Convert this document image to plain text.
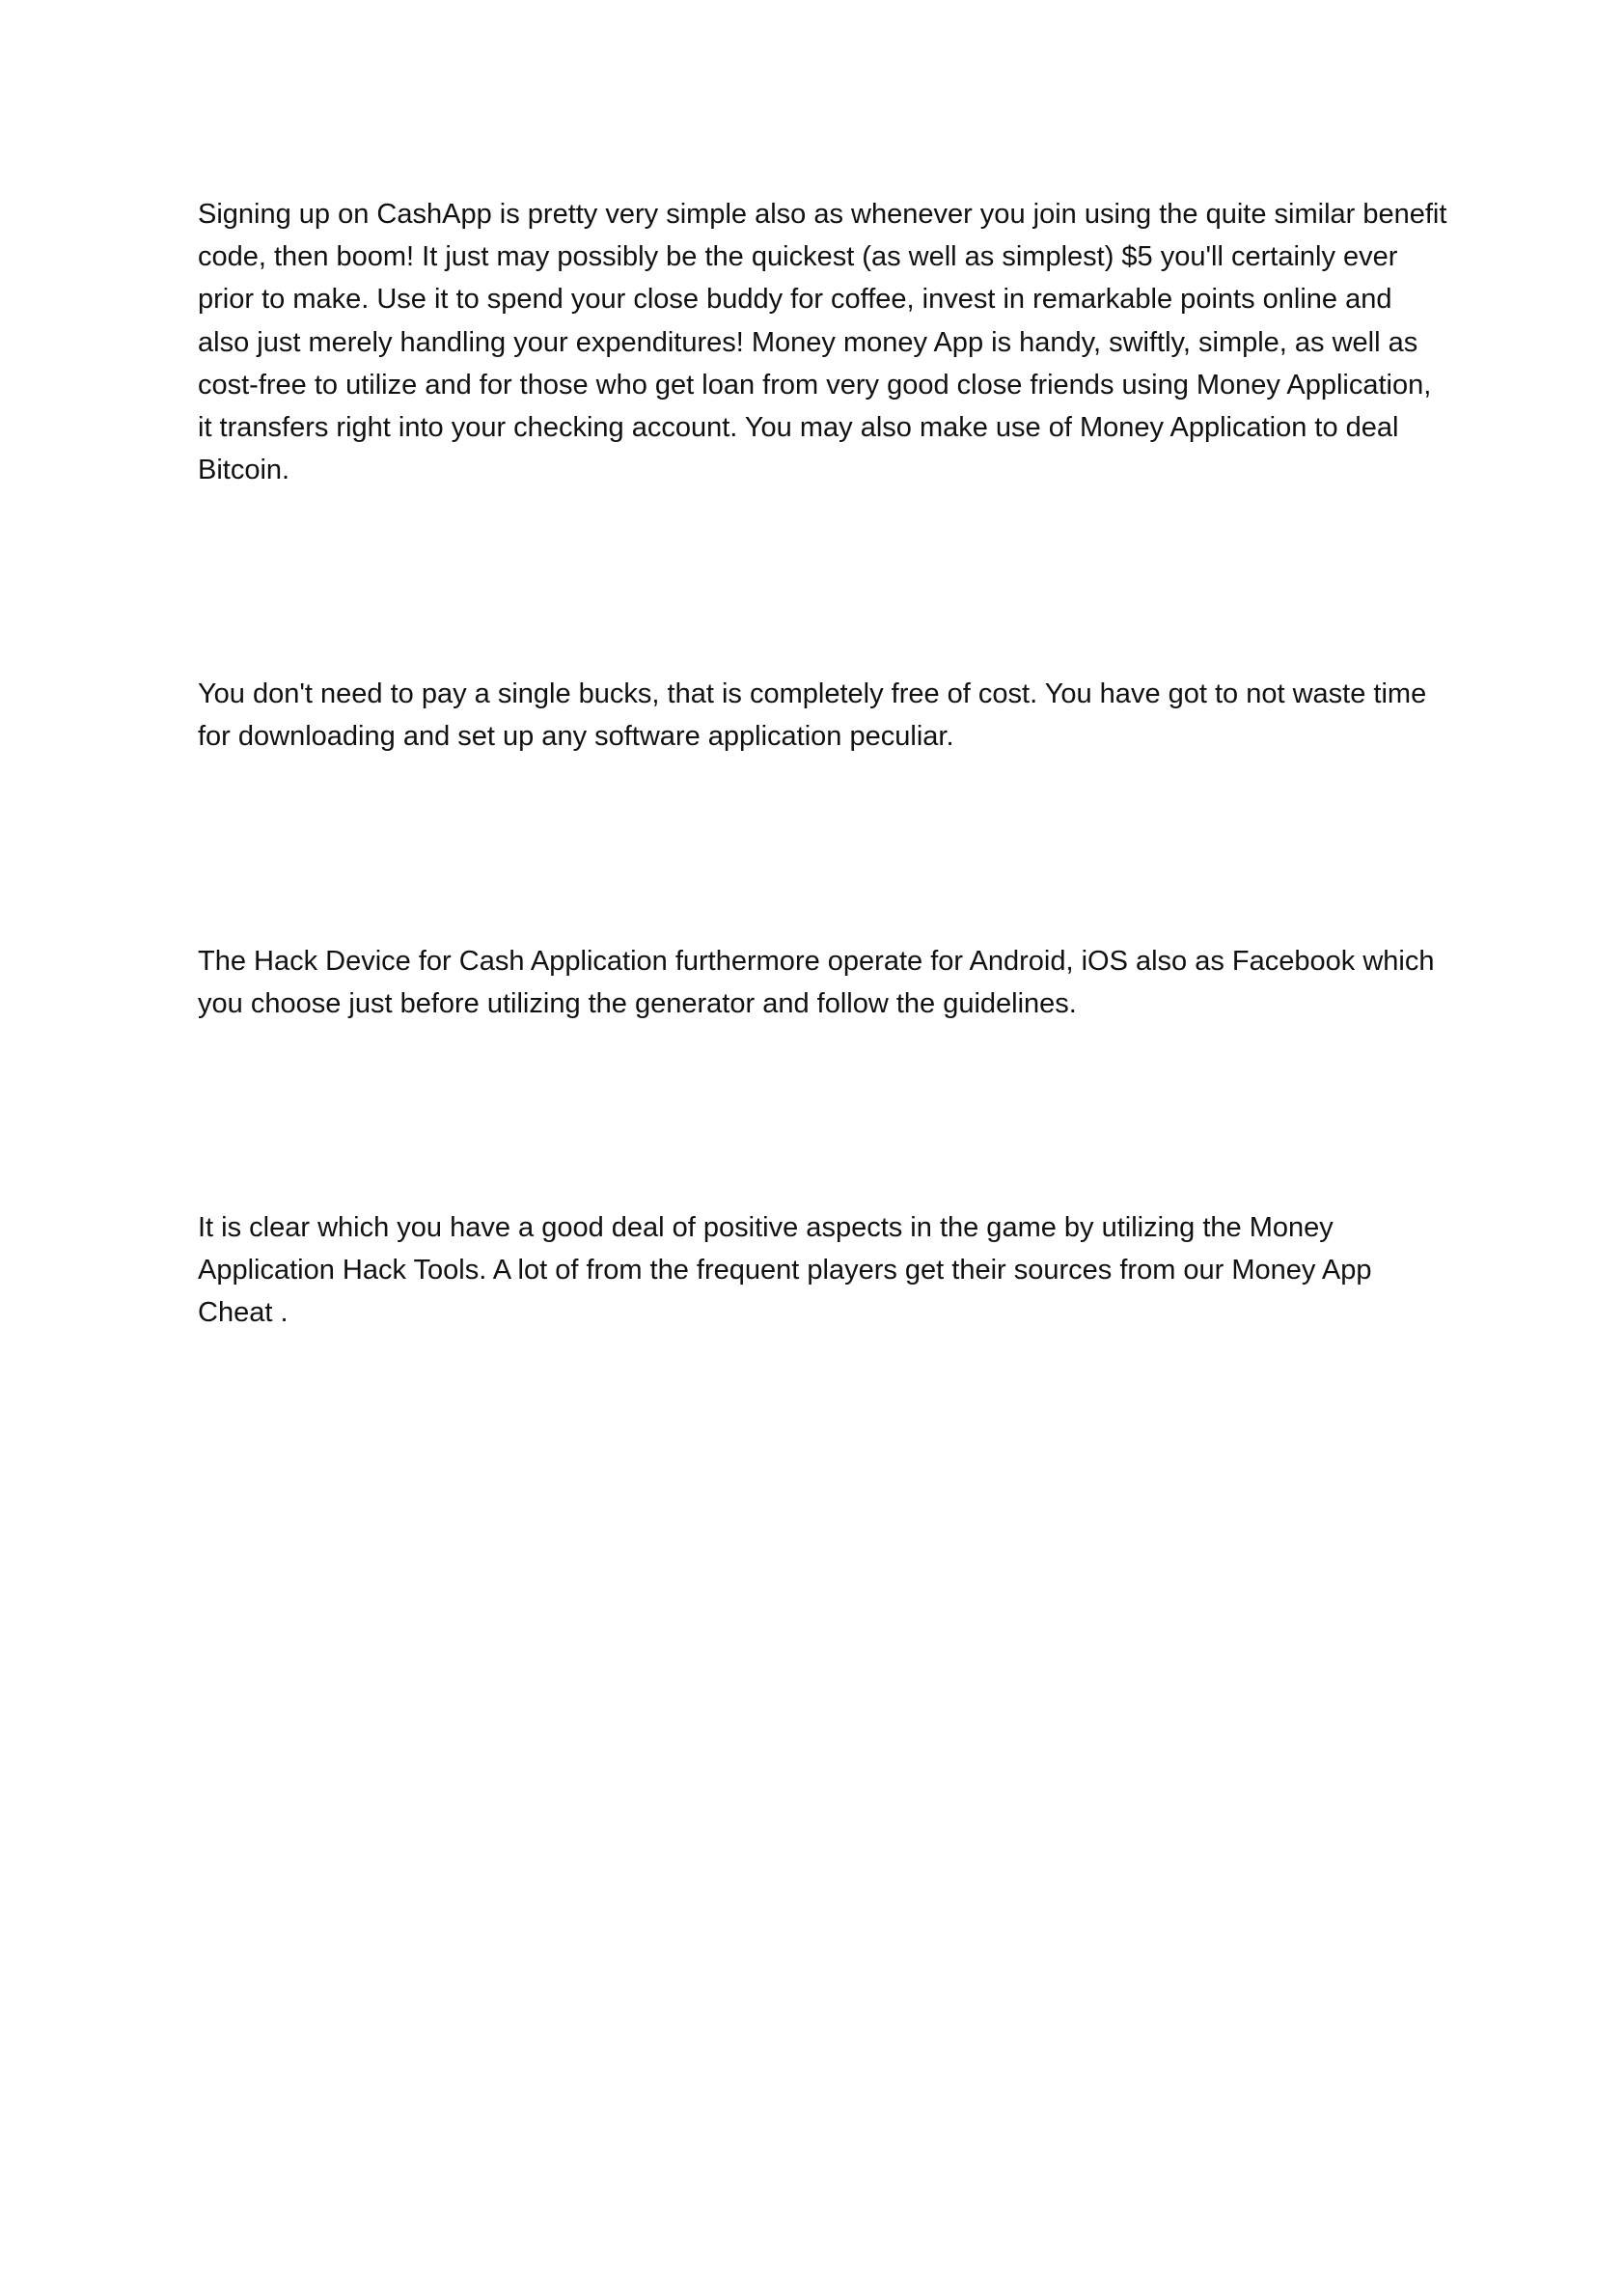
Signing up on CashApp is pretty very simple also as whenever you join using the quite similar benefit
code, then boom! It just may possibly be the quickest (as well as simplest) $5 you'll certainly ever
prior to make. Use it to spend your close buddy for coffee, invest in remarkable points online and
also just merely handling your expenditures! Money money App is handy, swiftly, simple, as well as
cost-free to utilize and for those who get loan from very good close friends using Money Application,
it transfers right into your checking account. You may also make use of Money Application to deal
Bitcoin.

You don't need to pay a single bucks, that is completely free of cost. You have got to not waste time
for downloading and set up any software application peculiar.

The Hack Device for Cash Application furthermore operate for Android, iOS also as Facebook which
you choose just before utilizing the generator and follow the guidelines.

It is clear which you have a good deal of positive aspects in the game by utilizing the Money
Application Hack Tools. A lot of from the frequent players get their sources from our Money App
Cheat .
